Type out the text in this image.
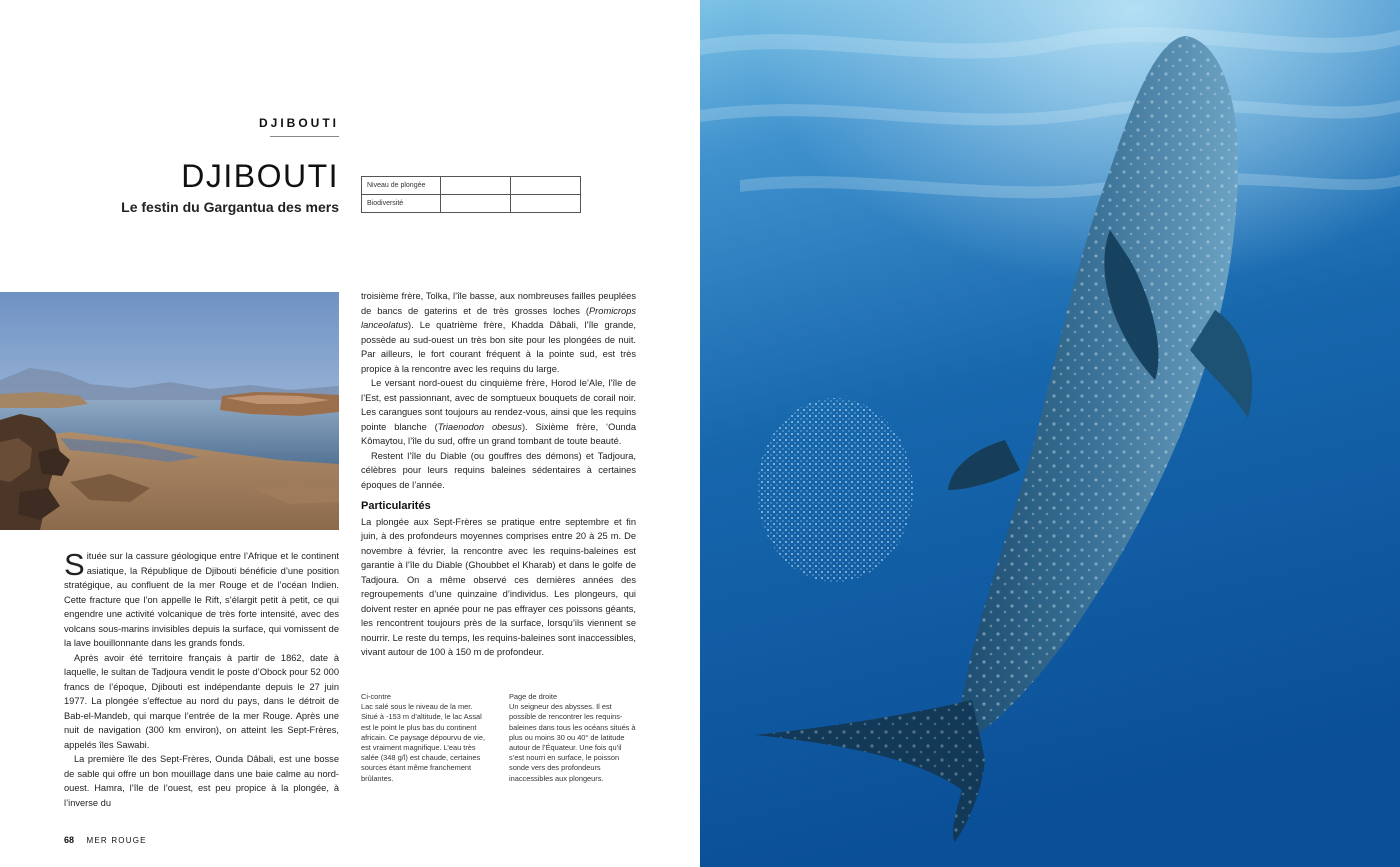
DJIBOUTI
DJIBOUTI
Le festin du Gargantua des mers
Niveau de plongée		
Biodiversité		

Située sur la cassure géologique entre l’Afrique et le continent asiatique, la République de Djibouti bénéficie d’une position stratégique, au confluent de la mer Rouge et de l’océan Indien. Cette fracture que l’on appelle le Rift, s’élargit petit à petit, ce qui engendre une activité volcanique de très forte intensité, avec des volcans sous-marins invisibles depuis la surface, qui vomissent de la lave bouillonnante dans les grands fonds.

Après avoir été territoire français à partir de 1862, date à laquelle, le sultan de Tadjoura vendit le poste d’Obock pour 52 000 francs de l’époque, Djibouti est indépendante depuis le 27 juin 1977. La plongée s’effectue au nord du pays, dans le détroit de Bab-el-Mandeb, qui marque l’entrée de la mer Rouge. Après une nuit de navigation (300 km environ), on atteint les Sept-Frères, appelés îles Sawabi.

La première île des Sept-Frères, Ounda Dâbali, est une bosse de sable qui offre un bon mouillage dans une baie calme au nord-ouest. Hamra, l’île de l’ouest, est peu propice à la plongée, à l’inverse du

troisième frère, Tolka, l’île basse, aux nombreuses failles peuplées de bancs de gaterins et de très grosses loches (Promicrops lanceolatus). Le quatrième frère, Khadda Dâbali, l’île grande, possède au sud-ouest un très bon site pour les plongées de nuit. Par ailleurs, le fort courant fréquent à la pointe sud, est très propice à la rencontre avec les requins du large.

Le versant nord-ouest du cinquième frère, Horod le’Ale, l’île de l’Est, est passionnant, avec de somptueux bouquets de corail noir. Les carangues sont toujours au rendez-vous, ainsi que les requins pointe blanche (Triaenodon obesus). Sixième frère, ‘Ounda Kômaytou, l’île du sud, offre un grand tombant de toute beauté.

Restent l’île du Diable (ou gouffres des démons) et Tadjoura, célèbres pour leurs requins baleines sédentaires à certaines époques de l’année.

Particularités

La plongée aux Sept-Frères se pratique entre septembre et fin juin, à des profondeurs moyennes comprises entre 20 à 25 m. De novembre à février, la rencontre avec les requins-baleines est garantie à l’île du Diable (Ghoubbet el Kharab) et dans le golfe de Tadjoura. On a même observé ces dernières années des regroupements d’une quinzaine d’individus. Les plongeurs, qui doivent rester en apnée pour ne pas effrayer ces poissons géants, les rencontrent toujours près de la surface, lorsqu’ils viennent se nourrir. Le reste du temps, les requins-baleines sont inaccessibles, vivant autour de 100 à 150 m de profondeur.

Ci-contre
Lac salé sous le niveau de la mer. Situé à -153 m d’altitude, le lac Assal est le point le plus bas du continent africain. Ce paysage dépourvu de vie, est vraiment magnifique. L’eau très salée (348 g/l) est chaude, certaines sources étant même franchement brûlantes.
Page de droite
Un seigneur des abysses. Il est possible de rencontrer les requins-baleines dans tous les océans situés à plus ou moins 30 ou 40° de latitude autour de l’Équateur. Une fois qu’il s’est nourri en surface, le poisson sonde vers des profondeurs inaccessibles aux plongeurs.
68 MER ROUGE
